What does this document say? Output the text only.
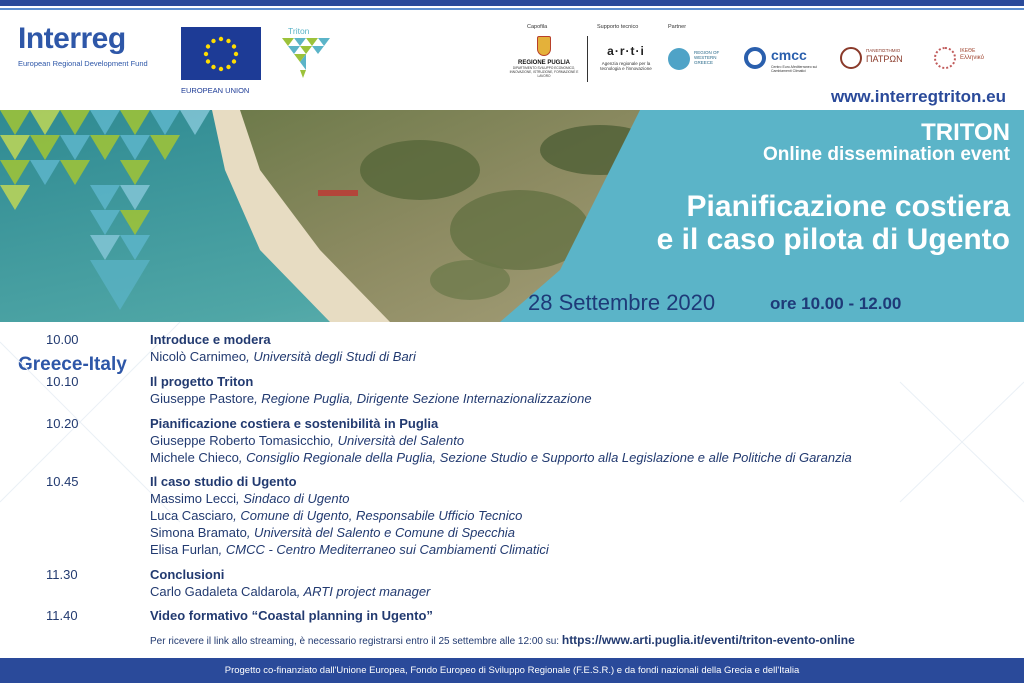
Interreg
Greece-Italy
European Regional Development Fund
EUROPEAN UNION
Triton	Capofila	Supporto tecnico	Partner
REGIONE PUGLIA
DIPARTIMENTO SVILUPPO ECONOMICO, INNOVAZIONE, ISTRUZIONE, FORMAZIONE E LAVORO
a·r·t·i
Agenzia regionale per la tecnologia e l'innovazione
REGION OF WESTERN GREECE	cmcc
Centro Euro-Mediterraneo sui Cambiamenti Climatici
ΠΑΝΕΠΙΣΤΗΜΙΟ
ΠΑΤΡΩΝ
ΙΚΕΘΕ
Ελληνικό
www.interregtriton.eu
TRITON
Online dissemination event
Pianificazione costiera
e il caso pilota di Ugento
28 Settembre 2020	ore 10.00 - 12.00
10.00	Introduce e modera
Nicolò Carnimeo, Università degli Studi di Bari
10.10	Il progetto Triton
Giuseppe Pastore, Regione Puglia, Dirigente Sezione Internazionalizzazione
10.20	Pianificazione costiera e sostenibilità in Puglia
Giuseppe Roberto Tomasicchio, Università del Salento
Michele Chieco, Consiglio Regionale della Puglia, Sezione Studio e Supporto alla Legislazione e alle Politiche di Garanzia
10.45	Il caso studio di Ugento
Massimo Lecci, Sindaco di Ugento
Luca Casciaro, Comune di Ugento, Responsabile Ufficio Tecnico
Simona Bramato, Università del Salento e Comune di Specchia
Elisa Furlan, CMCC - Centro Mediterraneo sui Cambiamenti Climatici
11.30	Conclusioni
Carlo Gadaleta Caldarola, ARTI project manager
11.40	Video formativo “Coastal planning in Ugento”
Per ricevere il link allo streaming, è necessario registrarsi entro il 25 settembre alle 12:00 su: https://www.arti.puglia.it/eventi/triton-evento-online
Progetto co-finanziato dall'Unione Europea, Fondo Europeo di Sviluppo Regionale (F.E.S.R.) e da fondi nazionali della Grecia e dell'Italia
